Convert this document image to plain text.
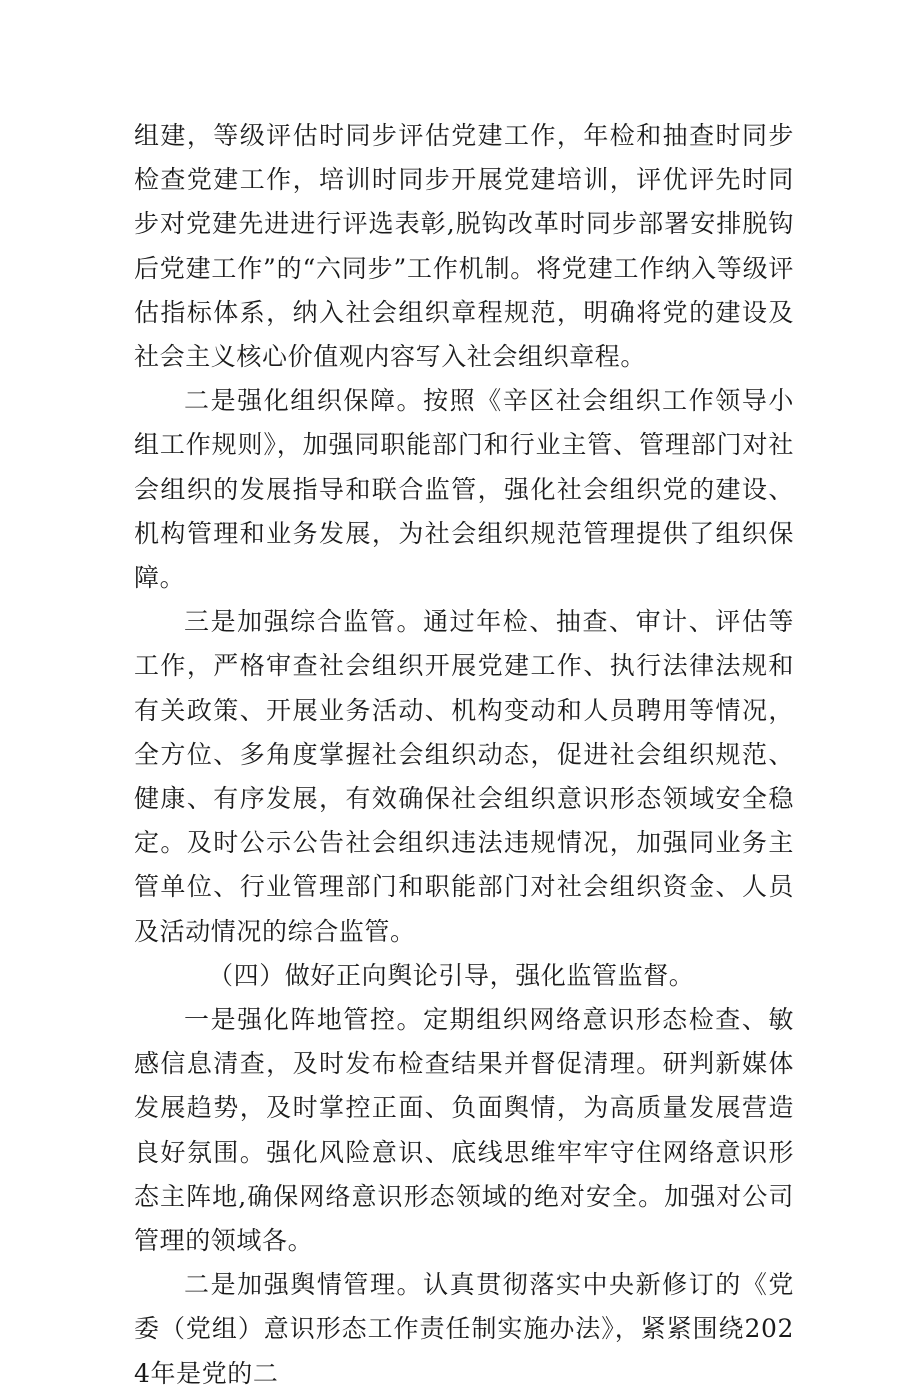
组建，等级评估时同步评估党建工作，年检和抽查时同步检查党建工作，培训时同步开展党建培训，评优评先时同步对党建先进进行评选表彰,脱钩改革时同步部署安排脱钩后党建工作”的“六同步”工作机制。将党建工作纳入等级评估指标体系，纳入社会组织章程规范，明确将党的建设及社会主义核心价值观内容写入社会组织章程。

二是强化组织保障。按照《辛区社会组织工作领导小组工作规则》，加强同职能部门和行业主管、管理部门对社会组织的发展指导和联合监管，强化社会组织党的建设、机构管理和业务发展，为社会组织规范管理提供了组织保障。

三是加强综合监管。通过年检、抽查、审计、评估等工作，严格审查社会组织开展党建工作、执行法律法规和有关政策、开展业务活动、机构变动和人员聘用等情况，全方位、多角度掌握社会组织动态，促进社会组织规范、健康、有序发展，有效确保社会组织意识形态领域安全稳定。及时公示公告社会组织违法违规情况，加强同业务主管单位、行业管理部门和职能部门对社会组织资金、人员及活动情况的综合监管。

（四）做好正向舆论引导，强化监管监督。

一是强化阵地管控。定期组织网络意识形态检查、敏感信息清查，及时发布检查结果并督促清理。研判新媒体发展趋势，及时掌控正面、负面舆情，为高质量发展营造良好氛围。强化风险意识、底线思维牢牢守住网络意识形态主阵地,确保网络意识形态领域的绝对安全。加强对公司管理的领域各。

二是加强舆情管理。认真贯彻落实中央新修订的《党委（党组）意识形态工作责任制实施办法》，紧紧围绕2024年是党的二
